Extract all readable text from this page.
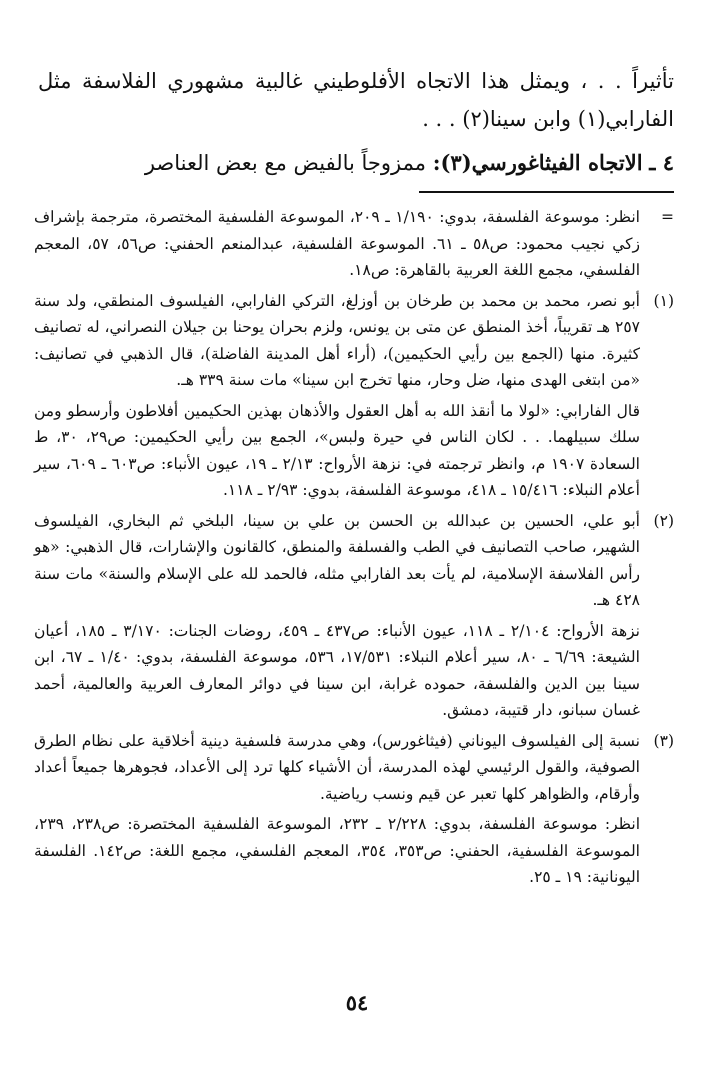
تأثيراً . . ، ويمثل هذا الاتجاه الأفلوطيني غالبية مشهوري الفلاسفة مثل الفارابي(١) وابن سينا(٢) . . .

٤ ـ الاتجاه الفيثاغورسي(٣): ممزوجاً بالفيض مع بعض العناصر
=

انظر: موسوعة الفلسفة، بدوي: ١/١٩٠ ـ ٢٠٩، الموسوعة الفلسفية المختصرة، مترجمة بإشراف زكي نجيب محمود: ص٥٨ ـ ٦١. الموسوعة الفلسفية، عبدالمنعم الحفني: ص٥٦، ٥٧، المعجم الفلسفي، مجمع اللغة العربية بالقاهرة: ص١٨.

(١)

أبو نصر، محمد بن محمد بن طرخان بن أوزلغ، التركي الفارابي، الفيلسوف المنطقي، ولد سنة ٢٥٧ هـ تقريباً، أخذ المنطق عن متى بن يونس، ولزم بحران يوحنا بن جيلان النصراني، له تصانيف كثيرة. منها (الجمع بين رأيي الحكيمين)، (أراء أهل المدينة الفاضلة)، قال الذهبي في تصانيف: «من ابتغى الهدى منها، ضل وحار، منها تخرج ابن سينا» مات سنة ٣٣٩ هـ.

قال الفارابي: «لولا ما أنقذ الله به أهل العقول والأذهان بهذين الحكيمين أفلاطون وأرسطو ومن سلك سبيلهما. . . لكان الناس في حيرة ولبس»، الجمع بين رأيي الحكيمين: ص٢٩، ٣٠، ط السعادة ١٩٠٧ م، وانظر ترجمته في: نزهة الأرواح: ٢/١٣ ـ ١٩، عيون الأنباء: ص٦٠٣ ـ ٦٠٩، سير أعلام النبلاء: ١٥/٤١٦ ـ ٤١٨، موسوعة الفلسفة، بدوي: ٢/٩٣ ـ ١١٨.

(٢)

أبو علي، الحسين بن عبدالله بن الحسن بن علي بن سينا، البلخي ثم البخاري، الفيلسوف الشهير، صاحب التصانيف في الطب والفسلفة والمنطق، كالقانون والإشارات، قال الذهبي: «هو رأس الفلاسفة الإسلامية، لم يأت بعد الفارابي مثله، فالحمد لله على الإسلام والسنة» مات سنة ٤٢٨ هـ.

نزهة الأرواح: ٢/١٠٤ ـ ١١٨، عيون الأنباء: ص٤٣٧ ـ ٤٥٩، روضات الجنات: ٣/١٧٠ ـ ١٨٥، أعيان الشيعة: ٦/٦٩ ـ ٨٠، سير أعلام النبلاء: ١٧/٥٣١، ٥٣٦، موسوعة الفلسفة، بدوي: ١/٤٠ ـ ٦٧، ابن سينا بين الدين والفلسفة، حموده غرابة، ابن سينا في دوائر المعارف العربية والعالمية، أحمد غسان سبانو، دار قتيبة، دمشق.

(٣)

نسبة إلى الفيلسوف اليوناني (فيثاغورس)، وهي مدرسة فلسفية دينية أخلاقية على نظام الطرق الصوفية، والقول الرئيسي لهذه المدرسة، أن الأشياء كلها ترد إلى الأعداد، فجوهرها جميعاً أعداد وأرقام، والظواهر كلها تعبر عن قيم ونسب رياضية.

انظر: موسوعة الفلسفة، بدوي: ٢/٢٢٨ ـ ٢٣٢، الموسوعة الفلسفية المختصرة: ص٢٣٨، ٢٣٩، الموسوعة الفلسفية، الحفني: ص٣٥٣، ٣٥٤، المعجم الفلسفي، مجمع اللغة: ص١٤٢. الفلسفة اليونانية: ١٩ ـ ٢٥.

٥٤
